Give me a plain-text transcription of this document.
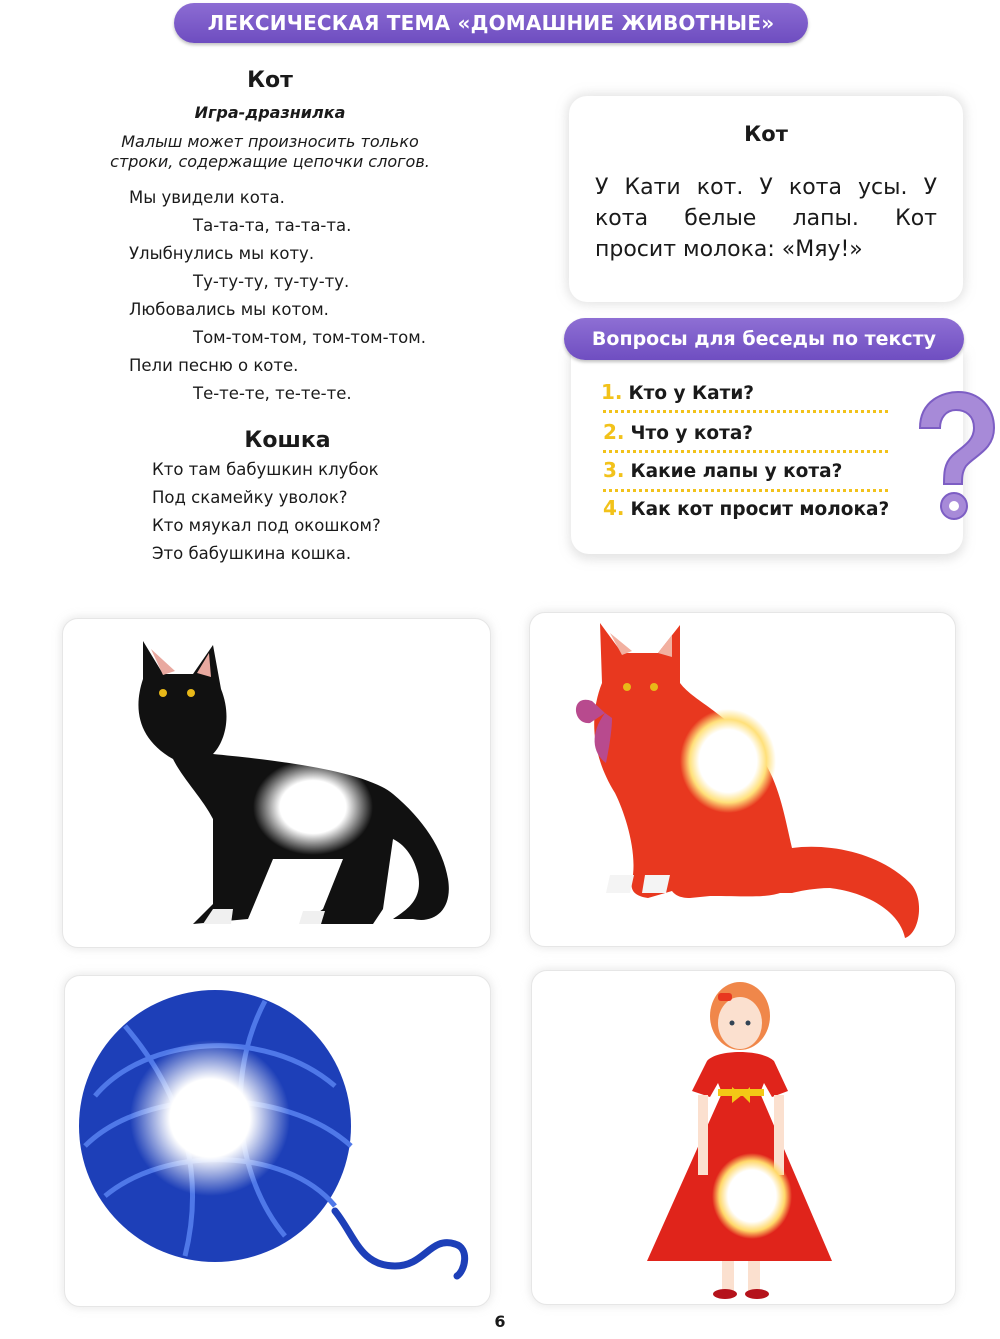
ЛЕКСИЧЕСКАЯ ТЕМА «ДОМАШНИЕ ЖИВОТНЫЕ»
Кот
Игра-дразнилка
Малыш может произносить только
строки, содержащие цепочки слогов.
Мы увидели кота.
Та-та-та, та-та-та.
Улыбнулись мы коту.
Ту-ту-ту, ту-ту-ту.
Любовались мы котом.
Том-том-том, том-том-том.
Пели песню о коте.
Те-те-те, те-те-те.
Кошка
Кто там бабушкин клубок
Под скамейку уволок?
Кто мяукал под окошком?
Это бабушкина кошка.
Кот
У Кати кот. У кота усы. У кота белые лапы. Кот просит молока: «Мяу!»
Вопросы для беседы по тексту
1. Кто у Кати?
2. Что у кота?
3. Какие лапы у кота?
4. Как кот просит молока?
6
